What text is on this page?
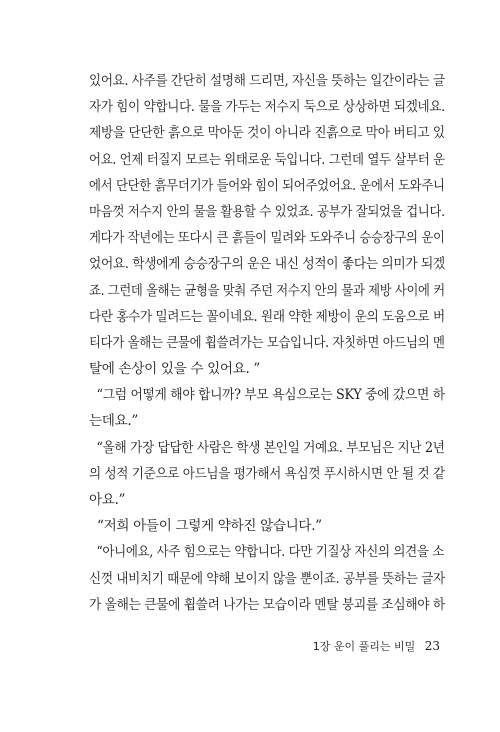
있어요. 사주를 간단히 설명해 드리면, 자신을 뜻하는 일간이라는 글
자가 힘이 약합니다. 물을 가두는 저수지 둑으로 상상하면 되겠네요.
제방을 단단한 흙으로 막아둔 것이 아니라 진흙으로 막아 버티고 있
어요. 언제 터질지 모르는 위태로운 둑입니다. 그런데 열두 살부터 운
에서 단단한 흙무더기가 들어와 힘이 되어주었어요. 운에서 도와주니
마음껏 저수지 안의 물을 활용할 수 있었죠. 공부가 잘되었을 겁니다.
게다가 작년에는 또다시 큰 흙들이 밀려와 도와주니 승승장구의 운이
었어요. 학생에게 승승장구의 운은 내신 성적이 좋다는 의미가 되겠
죠. 그런데 올해는 균형을 맞춰 주던 저수지 안의 물과 제방 사이에 커
다란 홍수가 밀려드는 꼴이네요. 원래 약한 제방이 운의 도움으로 버
티다가 올해는 큰물에 휩쓸려가는 모습입니다. 자칫하면 아드님의 멘
탈에 손상이 있을 수 있어요. ”
“그럼 어떻게 해야 합니까? 부모 욕심으로는 SKY 중에 갔으면 하
는데요.”
“올해 가장 답답한 사람은 학생 본인일 거예요. 부모님은 지난 2년
의 성적 기준으로 아드님을 평가해서 욕심껏 푸시하시면 안 될 것 같
아요.”
“저희 아들이 그렇게 약하진 않습니다.”
“아니에요, 사주 힘으로는 약합니다. 다만 기질상 자신의 의견을 소
신껏 내비치기 때문에 약해 보이지 않을 뿐이죠. 공부를 뜻하는 글자
가 올해는 큰물에 휩쓸려 나가는 모습이라 멘탈 붕괴를 조심해야 하
1장 운이 풀리는 비밀 23
